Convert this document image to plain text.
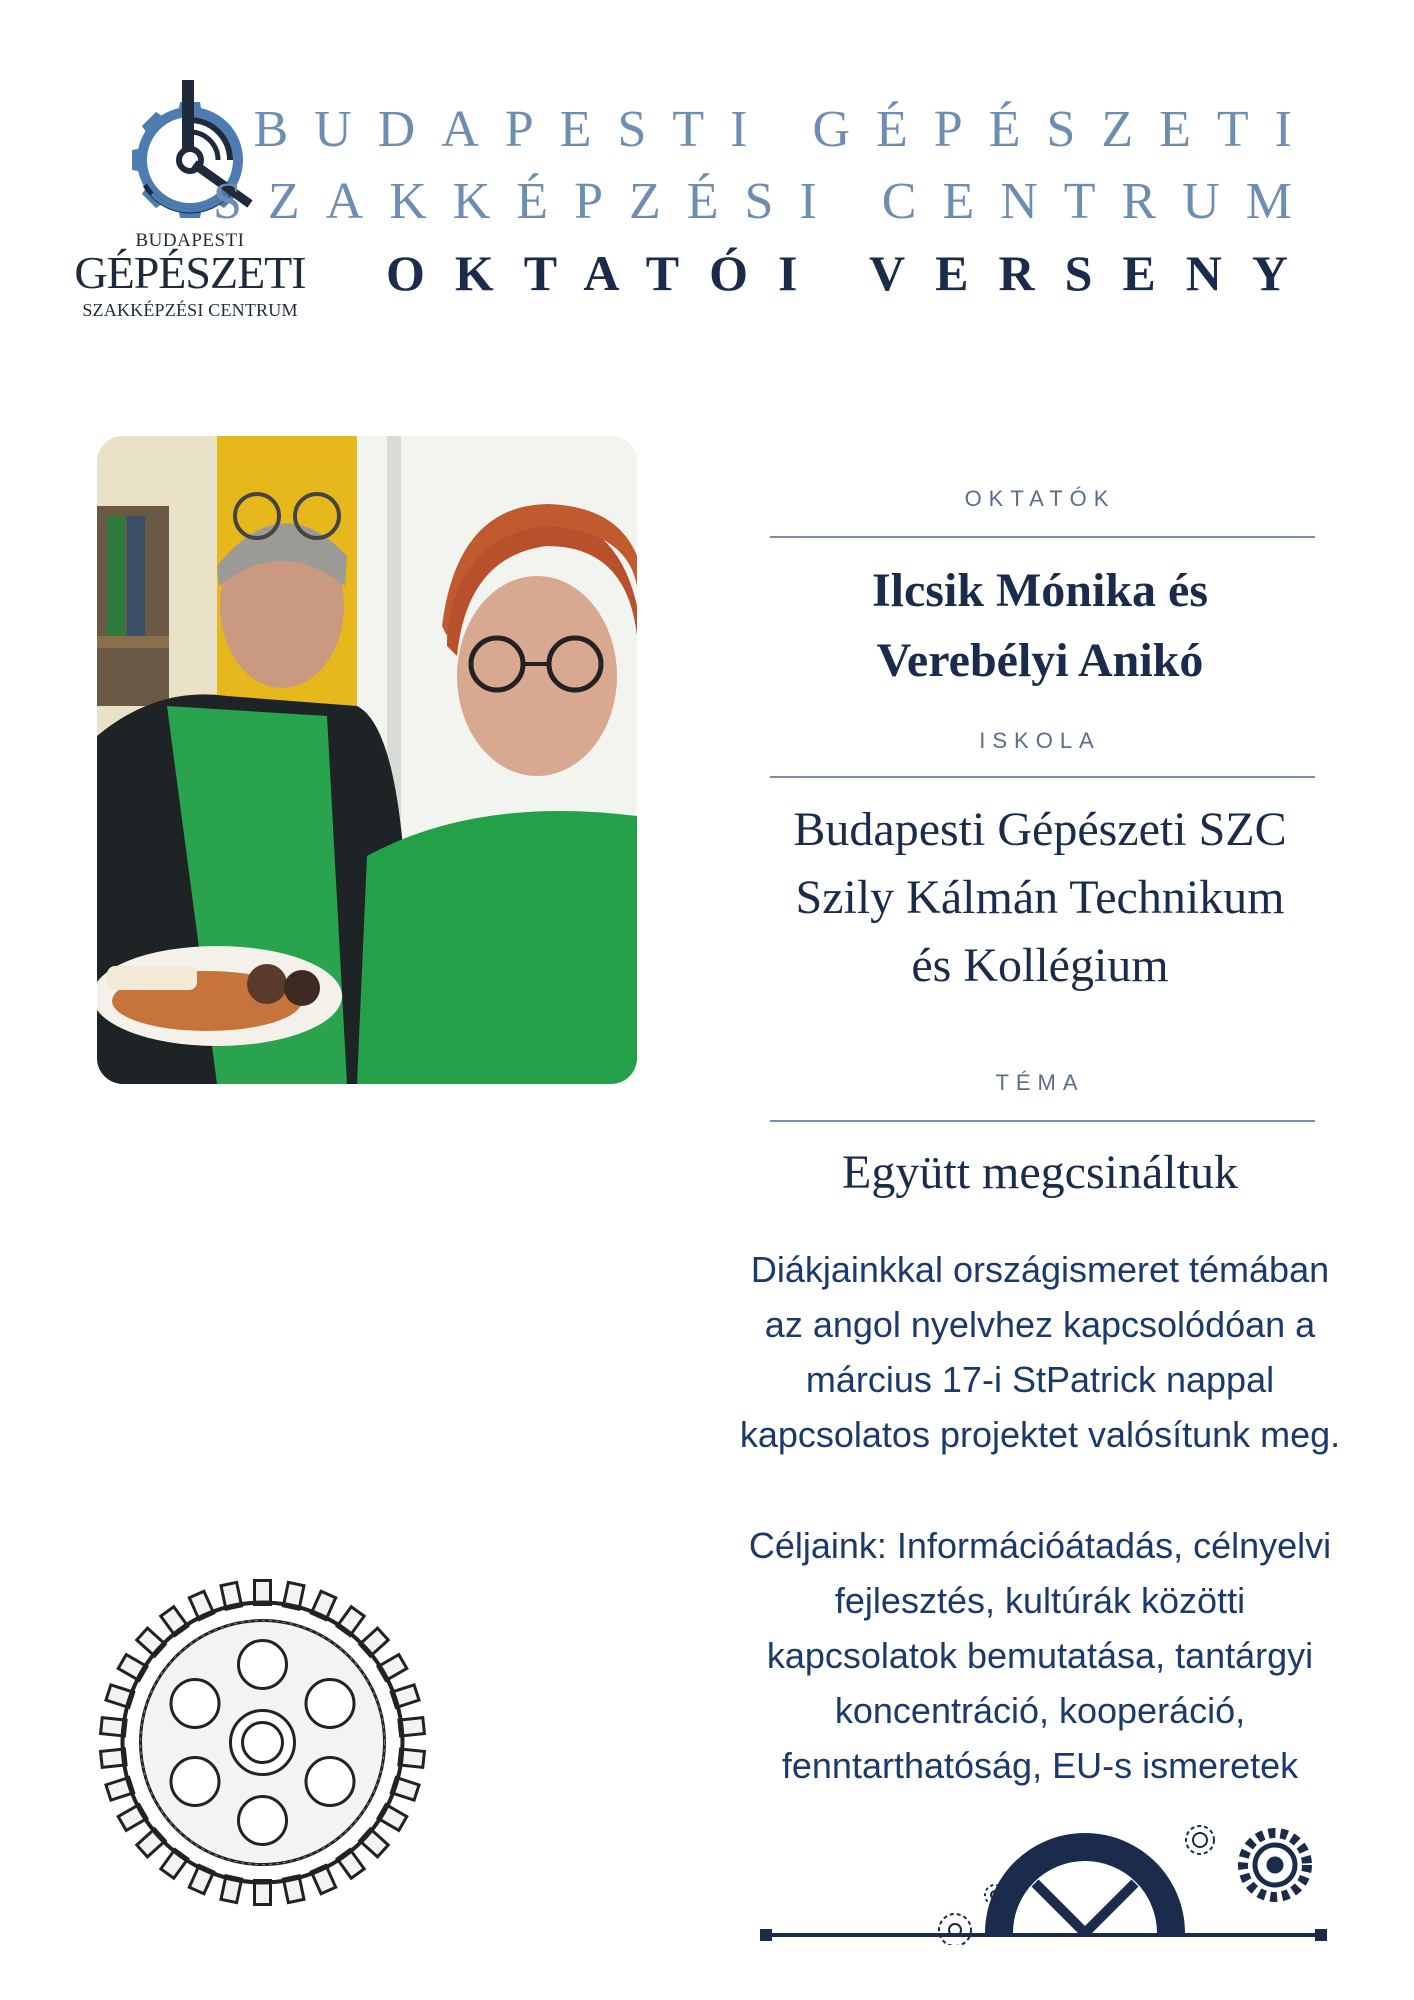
BUDAPESTI
GÉPÉSZETI
SZAKKÉPZÉSI CENTRUM
BUDAPESTI GÉPÉSZETI
SZAKKÉPZÉSI CENTRUM
OKTATÓI VERSENY
OKTATÓK
Ilcsik Mónika és
Verebélyi Anikó
ISKOLA
Budapesti Gépészeti SZC
Szily Kálmán Technikum
és Kollégium
TÉMA
Együtt megcsináltuk
Diákjainkkal országismeret témában
az angol nyelvhez kapcsolódóan a
március 17-i StPatrick nappal
kapcsolatos projektet valósítunk meg.
Céljaink: Információátadás, célnyelvi
fejlesztés, kultúrák közötti
kapcsolatok bemutatása, tantárgyi
koncentráció, kooperáció,
fenntarthatóság, EU-s ismeretek
